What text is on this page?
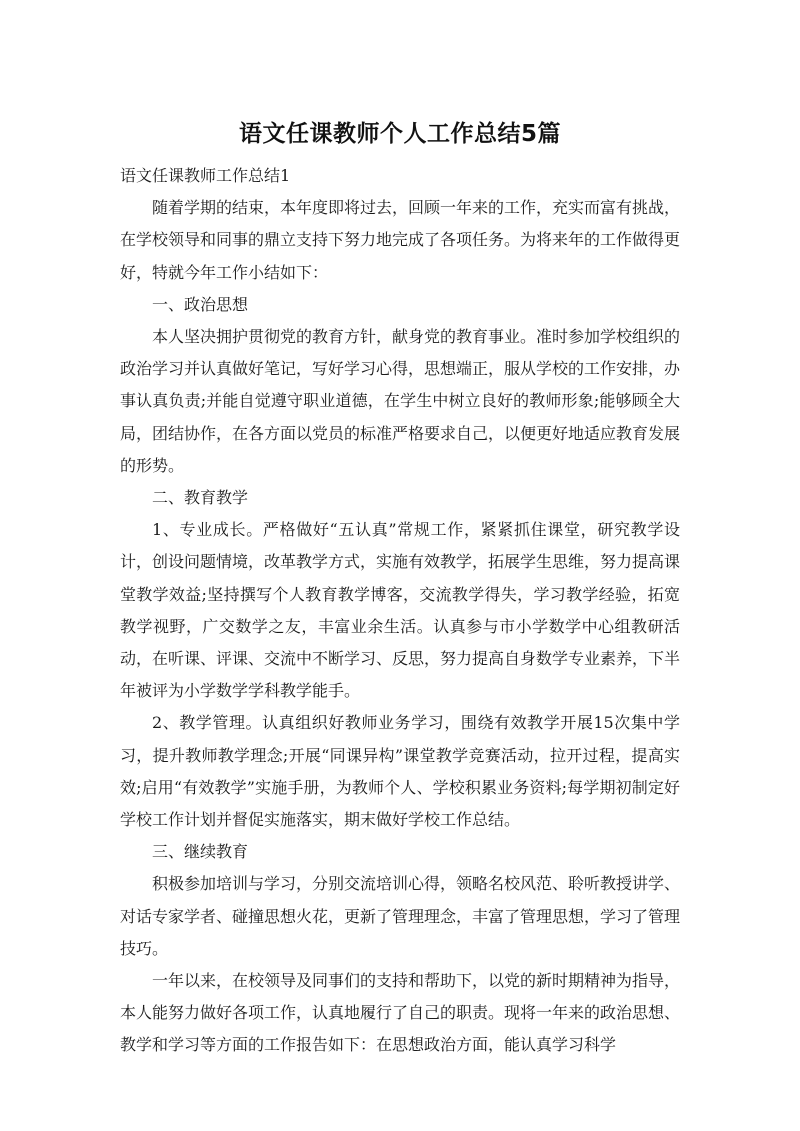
语文任课教师个人工作总结5篇

语文任课教师工作总结1

随着学期的结束，本年度即将过去，回顾一年来的工作，充实而富有挑战，在学校领导和同事的鼎立支持下努力地完成了各项任务。为将来年的工作做得更好，特就今年工作小结如下：

一、政治思想

本人坚决拥护贯彻党的教育方针，献身党的教育事业。准时参加学校组织的政治学习并认真做好笔记，写好学习心得，思想端正，服从学校的工作安排，办事认真负责;并能自觉遵守职业道德，在学生中树立良好的教师形象;能够顾全大局，团结协作，在各方面以党员的标准严格要求自己，以便更好地适应教育发展的形势。

二、教育教学

1、专业成长。严格做好“五认真”常规工作，紧紧抓住课堂，研究教学设计，创设问题情境，改革教学方式，实施有效教学，拓展学生思维，努力提高课堂教学效益;坚持撰写个人教育教学博客，交流教学得失，学习教学经验，拓宽教学视野，广交数学之友，丰富业余生活。认真参与市小学数学中心组教研活动，在听课、评课、交流中不断学习、反思，努力提高自身数学专业素养，下半年被评为小学数学学科教学能手。

2、教学管理。认真组织好教师业务学习，围绕有效教学开展15次集中学习，提升教师教学理念;开展“同课异构”课堂教学竞赛活动，拉开过程，提高实效;启用“有效教学”实施手册，为教师个人、学校积累业务资料;每学期初制定好学校工作计划并督促实施落实，期末做好学校工作总结。

三、继续教育

积极参加培训与学习，分别交流培训心得，领略名校风范、聆听教授讲学、对话专家学者、碰撞思想火花，更新了管理理念，丰富了管理思想，学习了管理技巧。

一年以来，在校领导及同事们的支持和帮助下，以党的新时期精神为指导，本人能努力做好各项工作，认真地履行了自己的职责。现将一年来的政治思想、教学和学习等方面的工作报告如下：在思想政治方面，能认真学习科学
